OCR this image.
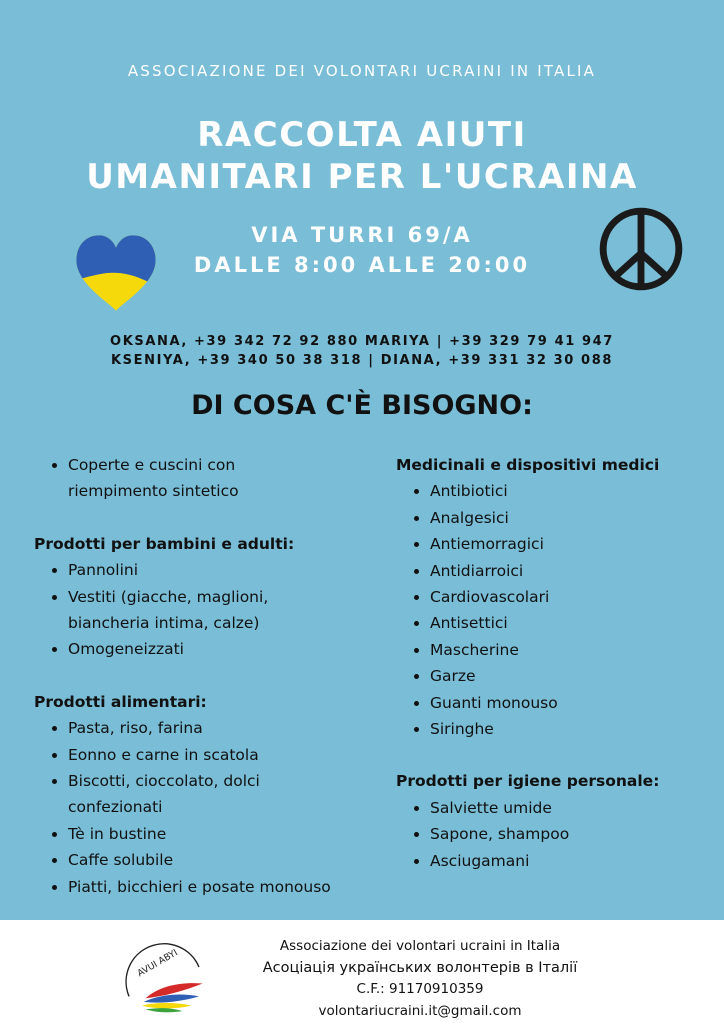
ASSOCIAZIONE DEI VOLONTARI UCRAINI IN ITALIA
RACCOLTA AIUTI
UMANITARI PER L'UCRAINA
VIA TURRI 69/A
DALLE 8:00 ALLE 20:00
OKSANA, +39 342 72 92 880 MARIYA | +39 329 79 41 947
KSENIYA, +39 340 50 38 318 | DIANA, +39 331 32 30 088
DI COSA C'È BISOGNO:
• Coperte e cuscini con
riempimento sintetico

Prodotti per bambini e adulti:

• Pannolini
• Vestiti (giacche, maglioni,
biancheria intima, calze)
• Omogeneizzati

Prodotti alimentari:

• Pasta, riso, farina
• Eonno e carne in scatola
• Biscotti, cioccolato, dolci
confezionati
• Tè in bustine
• Caffe solubile
• Piatti, bicchieri e posate monouso

Medicinali e dispositivi medici

• Antibiotici
• Analgesici
• Antiemorragici
• Antidiarroici
• Cardiovascolari
• Antisettici
• Mascherine
• Garze
• Guanti monouso
• Siringhe

Prodotti per igiene personale:

• Salviette umide
• Sapone, shampoo
• Asciugamani
AVUI ABYI
Associazione dei volontari ucraini in Italia
Асоціація українських волонтерів в Італії
C.F.: 91170910359
volontariucraini.it@gmail.com
